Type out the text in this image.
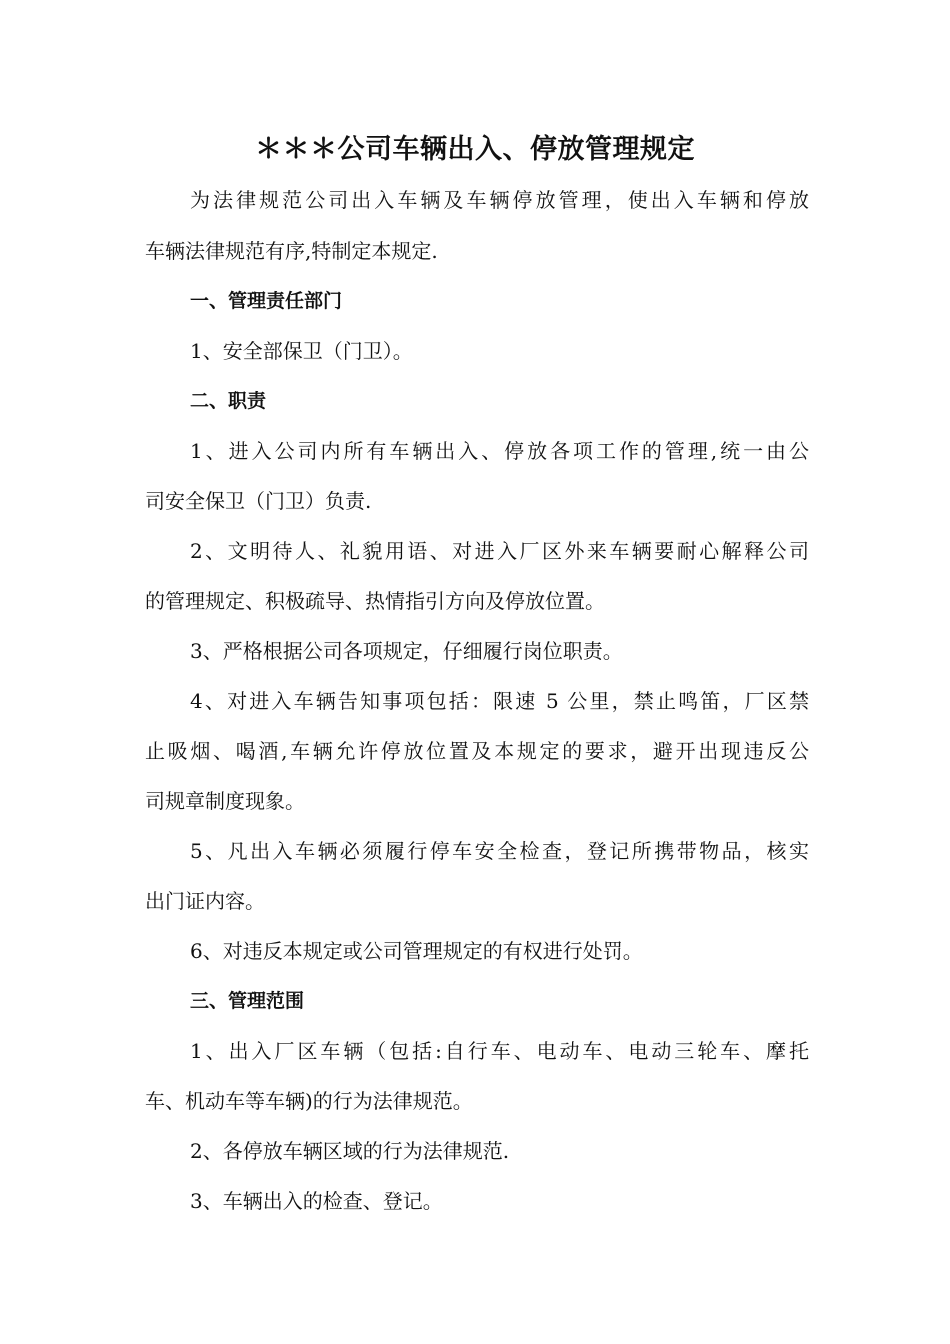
＊＊＊公司车辆出入、停放管理规定

为法律规范公司出入车辆及车辆停放管理，使出入车辆和停放

车辆法律规范有序,特制定本规定.

一、管理责任部门

1、安全部保卫（门卫）。

二、职责

1、进入公司内所有车辆出入、停放各项工作的管理,统一由公

司安全保卫（门卫）负责.

2、文明待人、礼貌用语、对进入厂区外来车辆要耐心解释公司

的管理规定、积极疏导、热情指引方向及停放位置。

3、严格根据公司各项规定，仔细履行岗位职责。

4、对进入车辆告知事项包括：限速 5 公里，禁止鸣笛，厂区禁

止吸烟、喝酒,车辆允许停放位置及本规定的要求，避开出现违反公

司规章制度现象。

5、凡出入车辆必须履行停车安全检查，登记所携带物品，核实

出门证内容。

6、对违反本规定或公司管理规定的有权进行处罚。

三、管理范围

1、出入厂区车辆（包括:自行车、电动车、电动三轮车、摩托

车、机动车等车辆)的行为法律规范。

2、各停放车辆区域的行为法律规范.

3、车辆出入的检查、登记。
